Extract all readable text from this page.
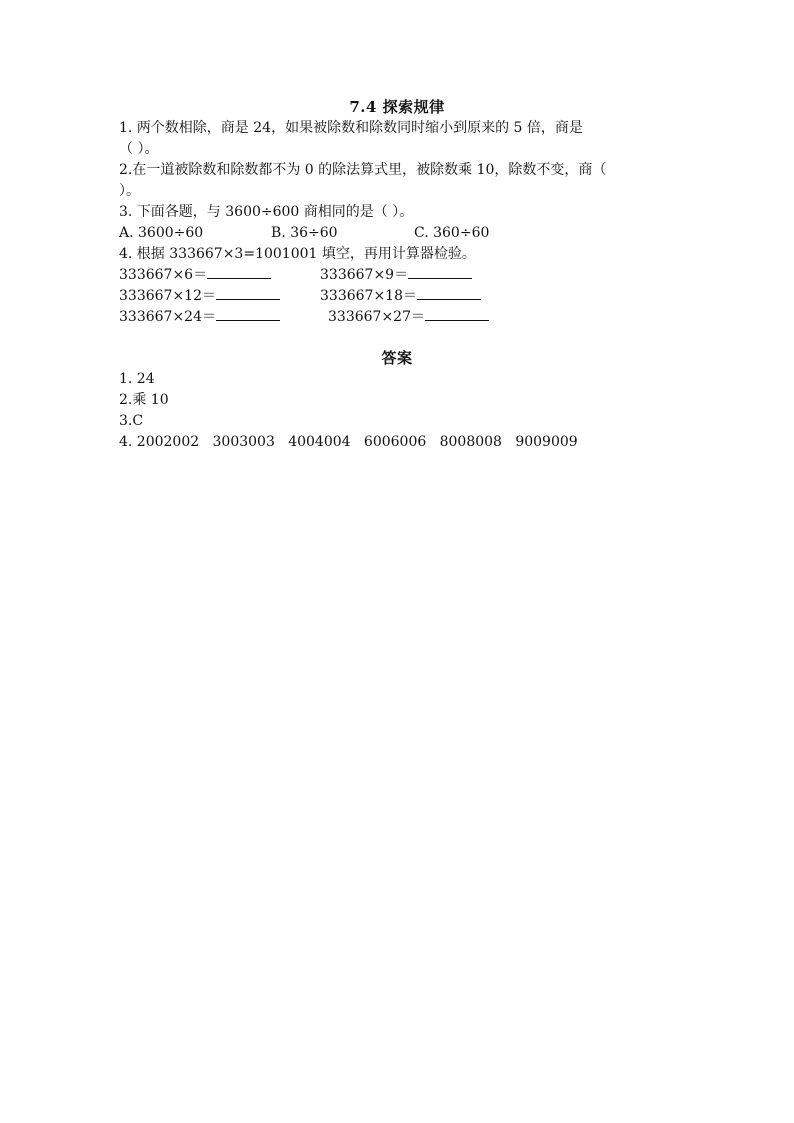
7.4 探索规律
1. 两个数相除，商是 24，如果被除数和除数同时缩小到原来的 5 倍，商是
（ ）。
2.在一道被除数和除数都不为 0 的除法算式里，被除数乘 10，除数不变，商（
）。
3. 下面各题，与 3600÷600 商相同的是（ ）。
A. 3600÷60	B. 36÷60	C. 360÷60
4. 根据 333667×3=1001001 填空，再用计算器检验。
333667×6＝	333667×9＝
333667×12＝	333667×18＝
333667×24＝	333667×27＝
答案
1. 24
2.乘 10
3.C
4. 2002002   3003003   4004004   6006006   8008008   9009009
